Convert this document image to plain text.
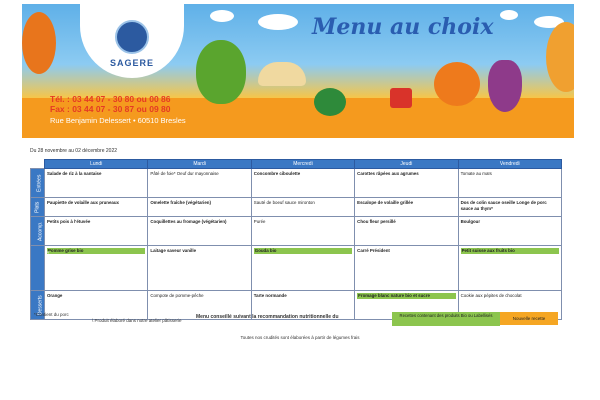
SAGERE
Menu au choix
Tél. : 03 44 07 - 30 80 ou 00 86
Fax : 03 44 07 - 30 87 ou 09 80
Rue Benjamin Delessert • 60510 Bresles
Du 28 novembre au 02 décembre 2022
	Lundi	Mardi	Mercredi	Jeudi	Vendredi
Entrées	Salade de riz à la nantaise	Pâté de foie* Oeuf dur mayonnaise	Concombre ciboulette	Carottes râpées aux agrumes	Tomate au maïs
Plats	Paupiette de volaille aux pruneaux	Omelette fraîche (végétarien)	Sauté de boeuf sauce mironton	Escalope de volaille grillée	Dos de colin sauce oseille Longe de porc sauce au thym*
Accomp.	Petits pois à l'étuvée	Coquillettes au fromage (végétarien)	Purée	Chou fleur persillé	Boulgour
Produits laitiers	Pomme grise bio	Laitage saveur vanille	Gouda bio	Carré Président	Petit suisse aux fruits bio

Desserts	Orange	Compote de pomme-pêche	Tarte normande	Fromage blanc nature bio et sucre	Cookie aux pépites de chocolat
*Contient du porc
\ Produit élaboré dans notre atelier pâtisserie
Menu conseillé suivant la recommandation nutritionnelle du	Recettes contenant des produits Bio ou Labellisés
Nouvelle recette
Toutes nos crudités sont élaborées à partir de légumes frais
